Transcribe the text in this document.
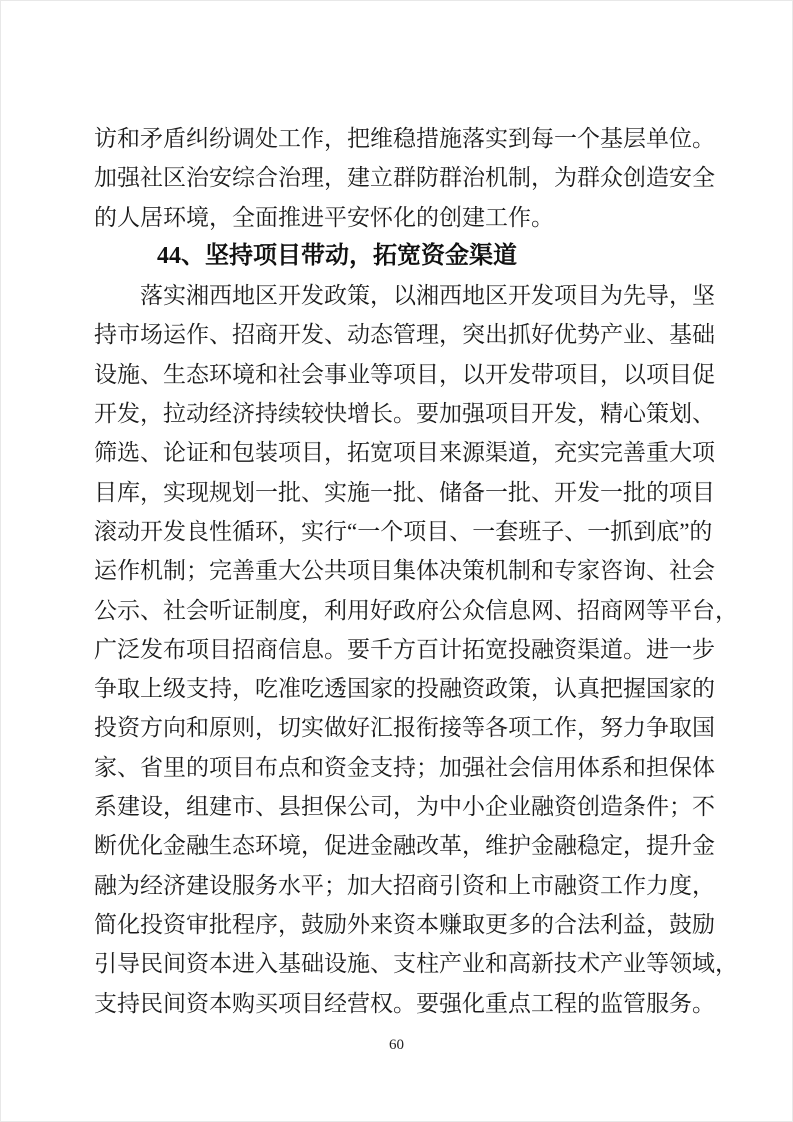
访和矛盾纠纷调处工作，把维稳措施落实到每一个基层单位。
加强社区治安综合治理，建立群防群治机制，为群众创造安全
的人居环境，全面推进平安怀化的创建工作。
44、坚持项目带动，拓宽资金渠道
落实湘西地区开发政策，以湘西地区开发项目为先导，坚
持市场运作、招商开发、动态管理，突出抓好优势产业、基础
设施、生态环境和社会事业等项目，以开发带项目，以项目促
开发，拉动经济持续较快增长。要加强项目开发，精心策划、
筛选、论证和包装项目，拓宽项目来源渠道，充实完善重大项
目库，实现规划一批、实施一批、储备一批、开发一批的项目
滚动开发良性循环，实行“一个项目、一套班子、一抓到底”的
运作机制；完善重大公共项目集体决策机制和专家咨询、社会
公示、社会听证制度，利用好政府公众信息网、招商网等平台，
广泛发布项目招商信息。要千方百计拓宽投融资渠道。进一步
争取上级支持，吃准吃透国家的投融资政策，认真把握国家的
投资方向和原则，切实做好汇报衔接等各项工作，努力争取国
家、省里的项目布点和资金支持；加强社会信用体系和担保体
系建设，组建市、县担保公司，为中小企业融资创造条件；不
断优化金融生态环境，促进金融改革，维护金融稳定，提升金
融为经济建设服务水平；加大招商引资和上市融资工作力度，
简化投资审批程序，鼓励外来资本赚取更多的合法利益，鼓励
引导民间资本进入基础设施、支柱产业和高新技术产业等领域，
支持民间资本购买项目经营权。要强化重点工程的监管服务。
60
